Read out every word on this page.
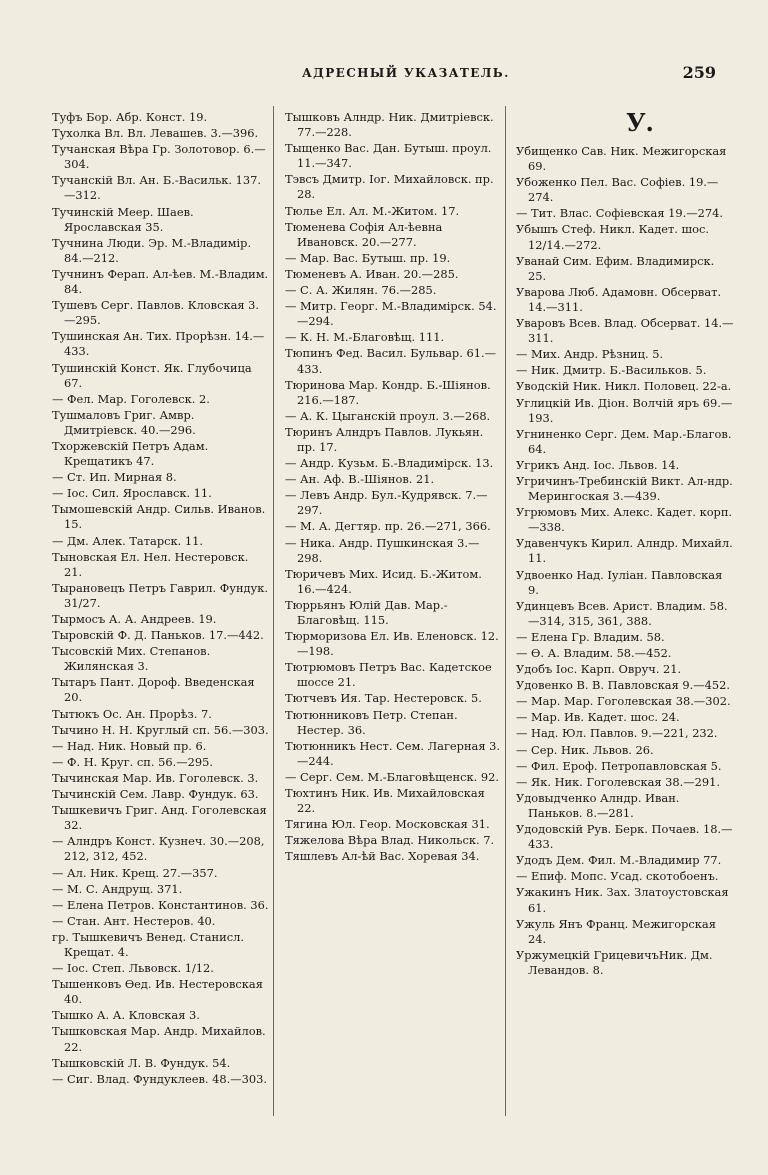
АДРЕСНЫЙ УКАЗАТЕЛЬ.	259

Туфъ Бор. Абр. Конст. 19.

Тухолка Вл. Вл. Левашев. 3.—396.

Тучанская Вѣра Гр. Золотовор. 6.—304.

Тучанскій Вл. Ан. Б.-Васильк. 137.—312.

Тучинскій Меер. Шаев. Ярославская 35.

Тучнина Люди. Эр. М.-Владимір. 84.—212.

Тучнинъ Ферап. Ал-ѣев. М.-Владим. 84.

Тушевъ Серг. Павлов. Кловская 3.—295.

Тушинская Ан. Тих. Прорѣзн. 14.—433.

Тушинскій Конст. Як. Глубочица 67.

— Фел. Мар. Гоголевск. 2.

Тушмаловъ Григ. Амвр. Дмитріевск. 40.—296.

Тхоржевскій Петръ Адам. Крещатикъ 47.

— Ст. Ип. Мирная 8.

— Іос. Сил. Ярославск. 11.

Тымошевскій Андр. Сильв. Иванов. 15.

— Дм. Алек. Татарск. 11.

Тыновская Ел. Нел. Нестеровск. 21.

Тырановецъ Петръ Гаврил. Фундук. 31/27.

Тырмосъ А. А. Андреев. 19.

Тыровскій Ф. Д. Паньков. 17.—442.

Тысовскій Мих. Степанов. Жилянская 3.

Тытаръ Пант. Дороф. Введенская 20.

Тытюкъ Ос. Ан. Прорѣз. 7.

Тычино Н. Н. Круглый сп. 56.—303.

— Над. Ник. Новый пр. 6.

— Ф. Н. Круг. сп. 56.—295.

Тычинская Мар. Ив. Гоголевск. 3.

Тычинскій Сем. Лавр. Фундук. 63.

Тышкевичъ Григ. Анд. Гоголевская 32.

— Алндръ Конст. Кузнеч. 30.—208, 212, 312, 452.

— Ал. Ник. Крещ. 27.—357.

— М. С. Андрущ. 371.

— Елена Петров. Константинов. 36.

— Стан. Ант. Нестеров. 40.

гр. Тышкевичъ Венед. Станисл. Крещат. 4.

— Іос. Степ. Львовск. 1/12.

Тышенковъ Ѳед. Ив. Нестеровская 40.

Тышко А. А. Кловская 3.

Тышковская Мар. Андр. Михайлов. 22.

Тышковскій Л. В. Фундук. 54.

— Сиг. Влад. Фундуклеев. 48.—303.

Тышковъ Алндр. Ник. Дмитріевск. 77.—228.

Тыщенко Вас. Дан. Бутыш. проул. 11.—347.

Тэвсъ Дмитр. Іог. Михайловск. пр. 28.

Тюлье Ел. Ал. М.-Житом. 17.

Тюменева Софія Ал-ѣевна Ивановск. 20.—277.

— Мар. Вас. Бутыш. пр. 19.

Тюменевъ А. Иван. 20.—285.

— С. А. Жилян. 76.—285.

— Митр. Георг. М.-Владимірск. 54.—294.

— К. Н. М.-Благовѣщ. 111.

Тюпинъ Фед. Васил. Бульвар. 61.—433.

Тюринова Мар. Кондр. Б.-Шіянов. 216.—187.

— А. К. Цыганскій проул. 3.—268.

Тюринъ Алндръ Павлов. Лукьян. пр. 17.

— Андр. Кузьм. Б.-Владимірск. 13.

— Ан. Аф. В.-Шіянов. 21.

— Левъ Андр. Бул.-Кудрявск. 7.—297.

— М. А. Дегтяр. пр. 26.—271, 366.

— Ника. Андр. Пушкинская 3.—298.

Тюричевъ Мих. Исид. Б.-Житом. 16.—424.

Тюррьянъ Юлій Дав. Мар.-Благовѣщ. 115.

Тюрморизова Ел. Ив. Еленовск. 12.—198.

Тютрюмовъ Петръ Вас. Кадетское шоссе 21.

Тютчевъ Ия. Тар. Нестеровск. 5.

Тютюнниковъ Петр. Степан. Нестер. 36.

Тютюнникъ Нест. Сем. Лагерная 3.—244.

— Серг. Сем. М.-Благовѣщенск. 92.

Тюхтинъ Ник. Ив. Михайловская 22.

Тягина Юл. Геор. Московская 31.

Тяжелова Вѣра Влад. Никольск. 7.

Тяшлевъ Ал-ѣй Вас. Хоревая 34.

У.

Убищенко Сав. Ник. Межигорская 69.

Убоженко Пел. Вас. Софіев. 19.—274.

— Тит. Влас. Софіевская 19.—274.

Убышъ Стеф. Никл. Кадет. шос. 12/14.—272.

Уванай Сим. Ефим. Владимирск. 25.

Уварова Люб. Адамовн. Обсерват. 14.—311.

Уваровъ Всев. Влад. Обсерват. 14.—311.

— Мих. Андр. Рѣзниц. 5.

— Ник. Дмитр. Б.-Васильков. 5.

Уводскій Ник. Никл. Половец. 22-а.

Углицкій Ив. Діон. Волчій яръ 69.—193.

Угниненко Серг. Дем. Мар.-Благов. 64.

Угрикъ Анд. Іос. Львов. 14.

Угричинъ-Требинскій Викт. Ал-ндр. Мерингоская 3.—439.

Угрюмовъ Мих. Алекс. Кадет. корп.—338.

Удавенчукъ Кирил. Алндр. Михайл. 11.

Удвоенко Над. Іуліан. Павловская 9.

Удинцевъ Всев. Арист. Владим. 58.—314, 315, 361, 388.

— Елена Гр. Владим. 58.

— Ѳ. А. Владим. 58.—452.

Удобъ Іос. Карп. Овруч. 21.

Удовенко В. В. Павловская 9.—452.

— Мар. Мар. Гоголевская 38.—302.

— Мар. Ив. Кадет. шос. 24.

— Над. Юл. Павлов. 9.—221, 232.

— Сер. Ник. Львов. 26.

— Фил. Ероф. Петропавловская 5.

— Як. Ник. Гоголевская 38.—291.

Удовыдченко Алндр. Иван. Паньков. 8.—281.

Удодовскій Рув. Берк. Почаев. 18.—433.

Удодъ Дем. Фил. М.-Владимир 77.

— Епиф. Мопс. Усад. скотобоенъ.

Ужакинъ Ник. Зах. Златоустовская 61.

Ужуль Янъ Франц. Межигорская 24.

Уржумецкій ГрицевичъНик. Дм. Левандов. 8.
